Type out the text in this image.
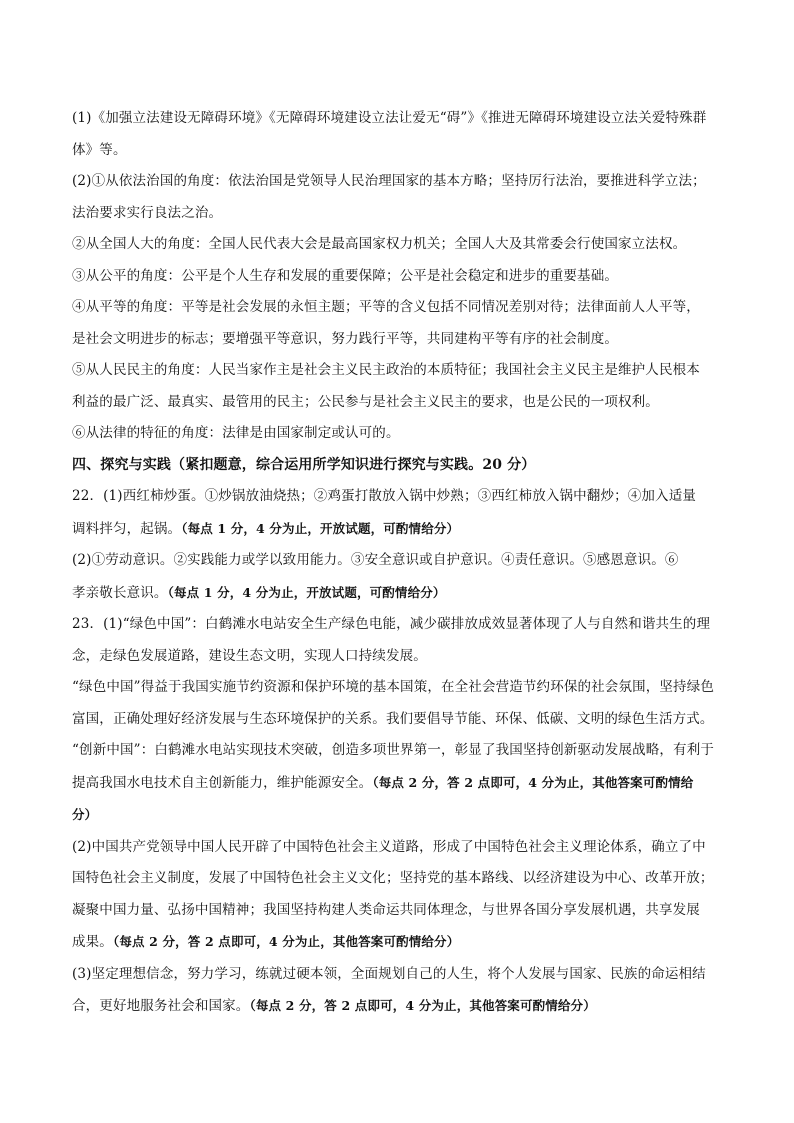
(1)《加强立法建设无障碍环境》《无障碍环境建设立法让爱无“碍”》《推进无障碍环境建设立法关爱特殊群
体》等。
(2)①从依法治国的角度：依法治国是党领导人民治理国家的基本方略；坚持厉行法治，要推进科学立法；
法治要求实行良法之治。
②从全国人大的角度：全国人民代表大会是最高国家权力机关；全国人大及其常委会行使国家立法权。
③从公平的角度：公平是个人生存和发展的重要保障；公平是社会稳定和进步的重要基础。
④从平等的角度：平等是社会发展的永恒主题；平等的含义包括不同情况差别对待；法律面前人人平等，
是社会文明进步的标志；要增强平等意识，努力践行平等，共同建构平等有序的社会制度。
⑤从人民民主的角度：人民当家作主是社会主义民主政治的本质特征；我国社会主义民主是维护人民根本
利益的最广泛、最真实、最管用的民主；公民参与是社会主义民主的要求，也是公民的一项权利。
⑥从法律的特征的角度：法律是由国家制定或认可的。
四、探究与实践（紧扣题意，综合运用所学知识进行探究与实践。20 分）
22．(1)西红柿炒蛋。①炒锅放油烧热；②鸡蛋打散放入锅中炒熟；③西红柿放入锅中翻炒；④加入适量
调料拌匀，起锅。（每点 1 分，4 分为止，开放试题，可酌情给分）
(2)①劳动意识。②实践能力或学以致用能力。③安全意识或自护意识。④责任意识。⑤感恩意识。⑥
孝亲敬长意识。（每点 1 分，4 分为止，开放试题，可酌情给分）
23．(1)“绿色中国”：白鹤滩水电站安全生产绿色电能，减少碳排放成效显著体现了人与自然和谐共生的理
念，走绿色发展道路，建设生态文明，实现人口持续发展。
“绿色中国”得益于我国实施节约资源和保护环境的基本国策，在全社会营造节约环保的社会氛围，坚持绿色
富国，正确处理好经济发展与生态环境保护的关系。我们要倡导节能、环保、低碳、文明的绿色生活方式。
“创新中国”：白鹤滩水电站实现技术突破，创造多项世界第一，彰显了我国坚持创新驱动发展战略，有利于
提高我国水电技术自主创新能力，维护能源安全。（每点 2 分，答 2 点即可，4 分为止，其他答案可酌情给
分）
(2)中国共产党领导中国人民开辟了中国特色社会主义道路，形成了中国特色社会主义理论体系，确立了中
国特色社会主义制度，发展了中国特色社会主义文化；坚持党的基本路线、以经济建设为中心、改革开放；
凝聚中国力量、弘扬中国精神；我国坚持构建人类命运共同体理念，与世界各国分享发展机遇，共享发展
成果。（每点 2 分，答 2 点即可，4 分为止，其他答案可酌情给分）
(3)坚定理想信念，努力学习，练就过硬本领，全面规划自己的人生，将个人发展与国家、民族的命运相结
合，更好地服务社会和国家。（每点 2 分，答 2 点即可，4 分为止，其他答案可酌情给分）
